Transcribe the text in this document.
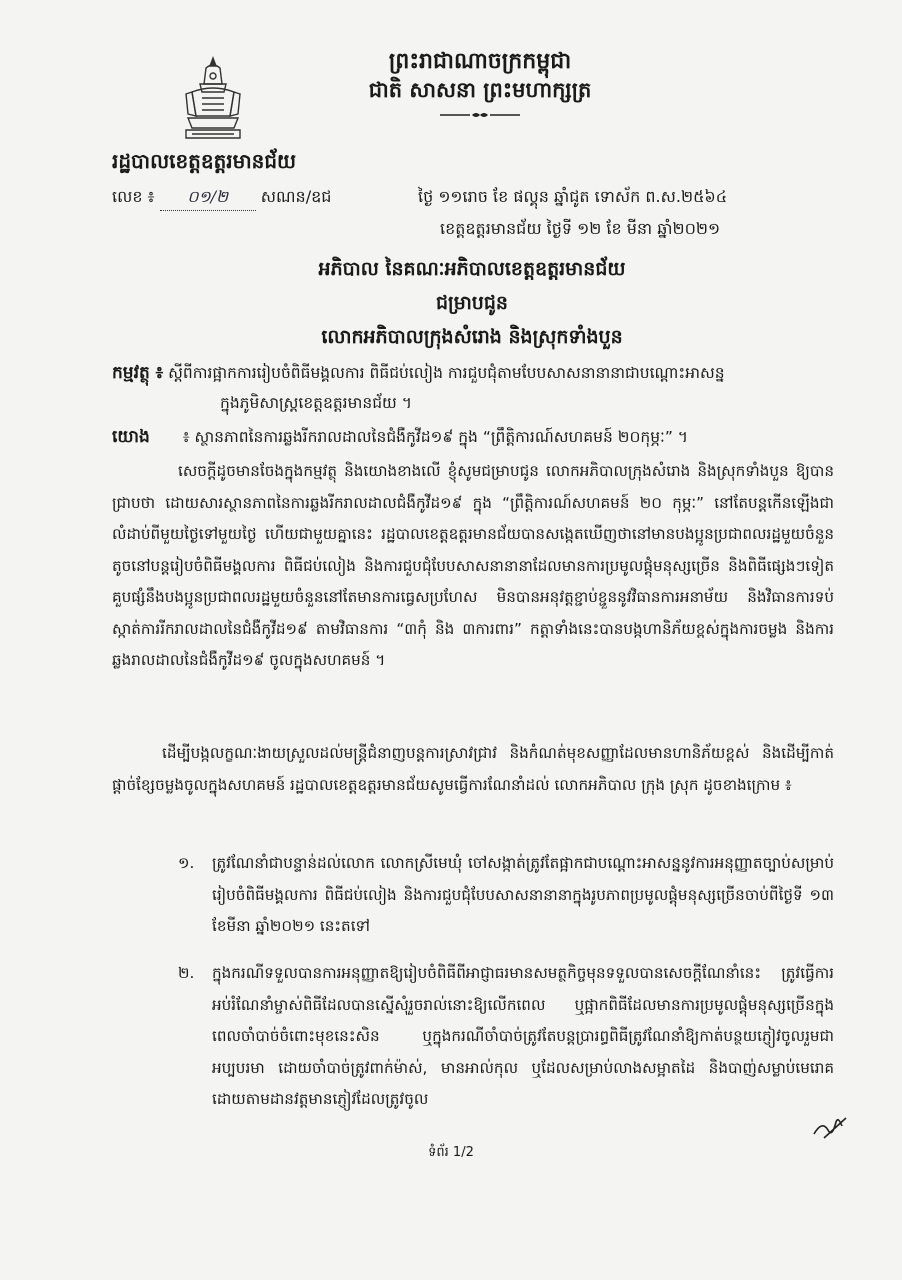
ព្រះរាជាណាចក្រកម្ពុជា
ជាតិ សាសនា ព្រះមហាក្សត្រ
រដ្ឋបាលខេត្តឧត្តរមានជ័យ
លេខ ៖ ០១/២ សណន/ឧជ	ថ្ងៃ ១១រោច ខែ ផល្គុន ឆ្នាំជូត ទោស័ក ព.ស.២៥៦៤
ខេត្តឧត្តរមានជ័យ ថ្ងៃទី ១២ ខែ មីនា ឆ្នាំ២០២១
អភិបាល នៃគណៈអភិបាលខេត្តឧត្តរមានជ័យ
ជម្រាបជូន
លោកអភិបាលក្រុងសំរោង និងស្រុកទាំងបួន
កម្មវត្ថុ ៖ ស្តីពីការផ្អាកការរៀបចំពិធីមង្គលការ ពិធីជប់លៀង ការជួបជុំតាមបែបសាសនានានាជាបណ្តោះអាសន្ន
ក្នុងភូមិសាស្ត្រខេត្តឧត្តរមានជ័យ ។
យោង ៖ ស្ថានភាពនៃការឆ្លងរីករាលដាលនៃជំងឺកូវីដ១៩ ក្នុង “ព្រឹត្តិការណ៍សហគមន៍ ២០កុម្ភៈ” ។
សេចក្តីដូចមានចែងក្នុងកម្មវត្ថុ និងយោងខាងលើ ខ្ញុំសូមជម្រាបជូន លោកអភិបាលក្រុងសំរោង និងស្រុកទាំងបួន ឱ្យបានជ្រាបថា ដោយសារស្ថានភាពនៃការឆ្លងរីករាលដាលជំងឺកូវីដ១៩ ក្នុង “ព្រឹត្តិការណ៍សហគមន៍ ២០ កុម្ភៈ” នៅតែបន្តកើនឡើងជាលំដាប់ពីមួយថ្ងៃទៅមួយថ្ងៃ ហើយជាមួយគ្នានេះ រដ្ឋបាលខេត្តឧត្តរមានជ័យបានសង្កេតឃើញថានៅមានបងប្អូនប្រជាពលរដ្ឋមួយចំនួនតូចនៅបន្តរៀបចំពិធីមង្គលការ ពិធីជប់លៀង និងការជួបជុំបែបសាសនានានាដែលមានការប្រមូលផ្តុំមនុស្សច្រើន និងពិធីផ្សេងៗទៀត គួបផ្សំនឹងបងប្អូនប្រជាពលរដ្ឋមួយចំនួននៅតែមានការធ្វេសប្រហែស មិនបានអនុវត្តខ្ជាប់ខ្ជួននូវវិធានការអនាម័យ និងវិធានការទប់ស្កាត់ការរីករាលដាលនៃជំងឺកូវីដ១៩ តាមវិធានការ “៣កុំ និង ៣ការពារ” កត្តាទាំងនេះបានបង្កហានិភ័យខ្ពស់ក្នុងការចម្លង និងការឆ្លងរាលដាលនៃជំងឺកូវីដ១៩ ចូលក្នុងសហគមន៍ ។
ដើម្បីបង្កលក្ខណៈងាយស្រួលដល់មន្ត្រីជំនាញបន្តការស្រាវជ្រាវ និងកំណត់មុខសញ្ញាដែលមានហានិភ័យខ្ពស់ និងដើម្បីកាត់ផ្តាច់ខ្សែចម្លងចូលក្នុងសហគមន៍ រដ្ឋបាលខេត្តឧត្តរមានជ័យសូមធ្វើការណែនាំដល់ លោកអភិបាល ក្រុង ស្រុក ដូចខាងក្រោម ៖
១. ត្រូវណែនាំជាបន្ទាន់ដល់លោក លោកស្រីមេឃុំ ចៅសង្កាត់ត្រូវតែផ្អាកជាបណ្តោះអាសន្ននូវការអនុញ្ញាតច្បាប់សម្រាប់រៀបចំពិធីមង្គលការ ពិធីជប់លៀង និងការជួបជុំបែបសាសនានានាក្នុងរូបភាពប្រមូលផ្តុំមនុស្សច្រើនចាប់ពីថ្ងៃទី ១៣ ខែមីនា ឆ្នាំ២០២១ នេះតទៅ
២. ក្នុងករណីទទួលបានការអនុញ្ញាតឱ្យរៀបចំពិធីពីអាជ្ញាធរមានសមត្ថកិច្ចមុនទទួលបានសេចក្តីណែនាំនេះ ត្រូវធ្វើការអប់រំណែនាំម្ចាស់ពិធីដែលបានស្នើសុំរួចរាល់នោះឱ្យលើកពេល ឬផ្អាកពិធីដែលមានការប្រមូលផ្តុំមនុស្សច្រើនក្នុងពេលចាំបាច់ចំពោះមុខនេះសិន ឬក្នុងករណីចាំបាច់ត្រូវតែបន្តប្រារព្ធពិធីត្រូវណែនាំឱ្យកាត់បន្ថយភ្ញៀវចូលរួមជាអប្បបរមា ដោយចាំបាច់ត្រូវពាក់ម៉ាស់, មានអាល់កុល ឬដែលសម្រាប់លាងសម្អាតដៃ និងបាញ់សម្លាប់មេរោគ ដោយតាមដានវត្តមានភ្ញៀវដែលត្រូវចូល
ទំព័រ 1/2
